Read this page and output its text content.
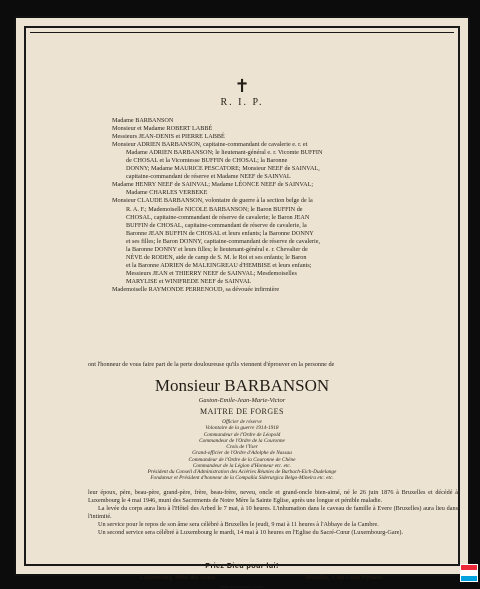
✝
R. I. P.
Madame BARBANSON
Monsieur et Madame ROBERT LABBÉ
Messieurs JEAN-DENIS et PIERRE LABBÉ
Monsieur ADRIEN BARBANSON, capitaine-commandant de cavalerie e. r. et
Madame ADRIEN BARBANSON; le lieutenant-général e. r. Vicomte BUFFIN
de CHOSAL et la Vicomtesse BUFFIN de CHOSAL; la Baronne
DONNY; Madame MAURICE PESCATORE; Monsieur NEEF de SAINVAL,
capitaine-commandant de réserve et Madame NEEF de SAINVAL
Madame HENRY NEEF de SAINVAL; Madame LÉONCE NEEF de SAINVAL;
Madame CHARLES VERBEKE
Monsieur CLAUDE BARBANSON, volontaire de guerre à la section belge de la
R. A. F.; Mademoiselle NICOLE BARBANSON; le Baron BUFFIN de
CHOSAL, capitaine-commandant de réserve de cavalerie; le Baron JEAN
BUFFIN de CHOSAL, capitaine-commandant de réserve de cavalerie, la
Baronne JEAN BUFFIN de CHOSAL et leurs enfants; la Baronne DONNY
et ses filles; le Baron DONNY, capitaine-commandant de réserve de cavalerie,
la Baronne DONNY et leurs filles; le lieutenant-général e. r. Chevalier de
NÈVE de RODEN, aide de camp de S. M. le Roi et ses enfants; le Baron
et la Baronne ADRIEN de MALEINGREAU d'HEMBISE et leurs enfants;
Messieurs JEAN et THIERRY NEEF de SAINVAL; Mesdemoiselles
MARYLISE et WINIFREDE NEEF de SAINVAL
Mademoiselle RAYMONDE PERRENOUD, sa dévouée infirmière
ont l'honneur de vous faire part de la perte douloureuse qu'ils viennent d'éprouver en la personne de
Monsieur BARBANSON
Gaston-Emile-Jean-Marie-Victor
MAITRE DE FORGES
Officier de réserve
Volontaire de la guerre 1914-1918
Commandeur de l'Ordre de Léopold
Commandeur de l'Ordre de la Couronne
Croix de l'Yser
Grand-officier de l'Ordre d'Adolphe de Nassau
Commandeur de l'Ordre de la Couronne de Chêne
Commandeur de la Légion d'Honneur etc. etc.
Président du Conseil d'Administration des Aciéries Réunies de Burbach-Eich-Dudelange
Fondateur et Président d'honneur de la Compañia Siderurgica Belgo-Mineira etc. etc.

leur époux, père, beau-père, grand-père, frère, beau-frère, neveu, oncle et grand-oncle bien-aimé, né le 26 juin 1876 à Bruxelles et décédé à Luxembourg le 4 mai 1946, muni des Sacrements de Notre Mère la Sainte Eglise, après une longue et pénible maladie.

La levée du corps aura lieu à l'Hôtel des Arbed le 7 mai, à 10 heures. L'inhumation dans le caveau de famille à Evere (Bruxelles) aura lieu dans l'intimité.

Un service pour le repos de son âme sera célébré à Bruxelles le jeudi, 9 mai à 11 heures à l'Abbaye de la Cambre.

Un second service sera célébré à Luxembourg le mardi, 14 mai à 10 heures en l'Eglise du Sacré-Cœur (Luxembourg-Gare).

Priez Dieu pour lui!
Luxembourg, Hôtel des Arbed.	Bruxelles, 6 rue Louis Hymans.
IMPR. BUFFIMRA. LUXBG
